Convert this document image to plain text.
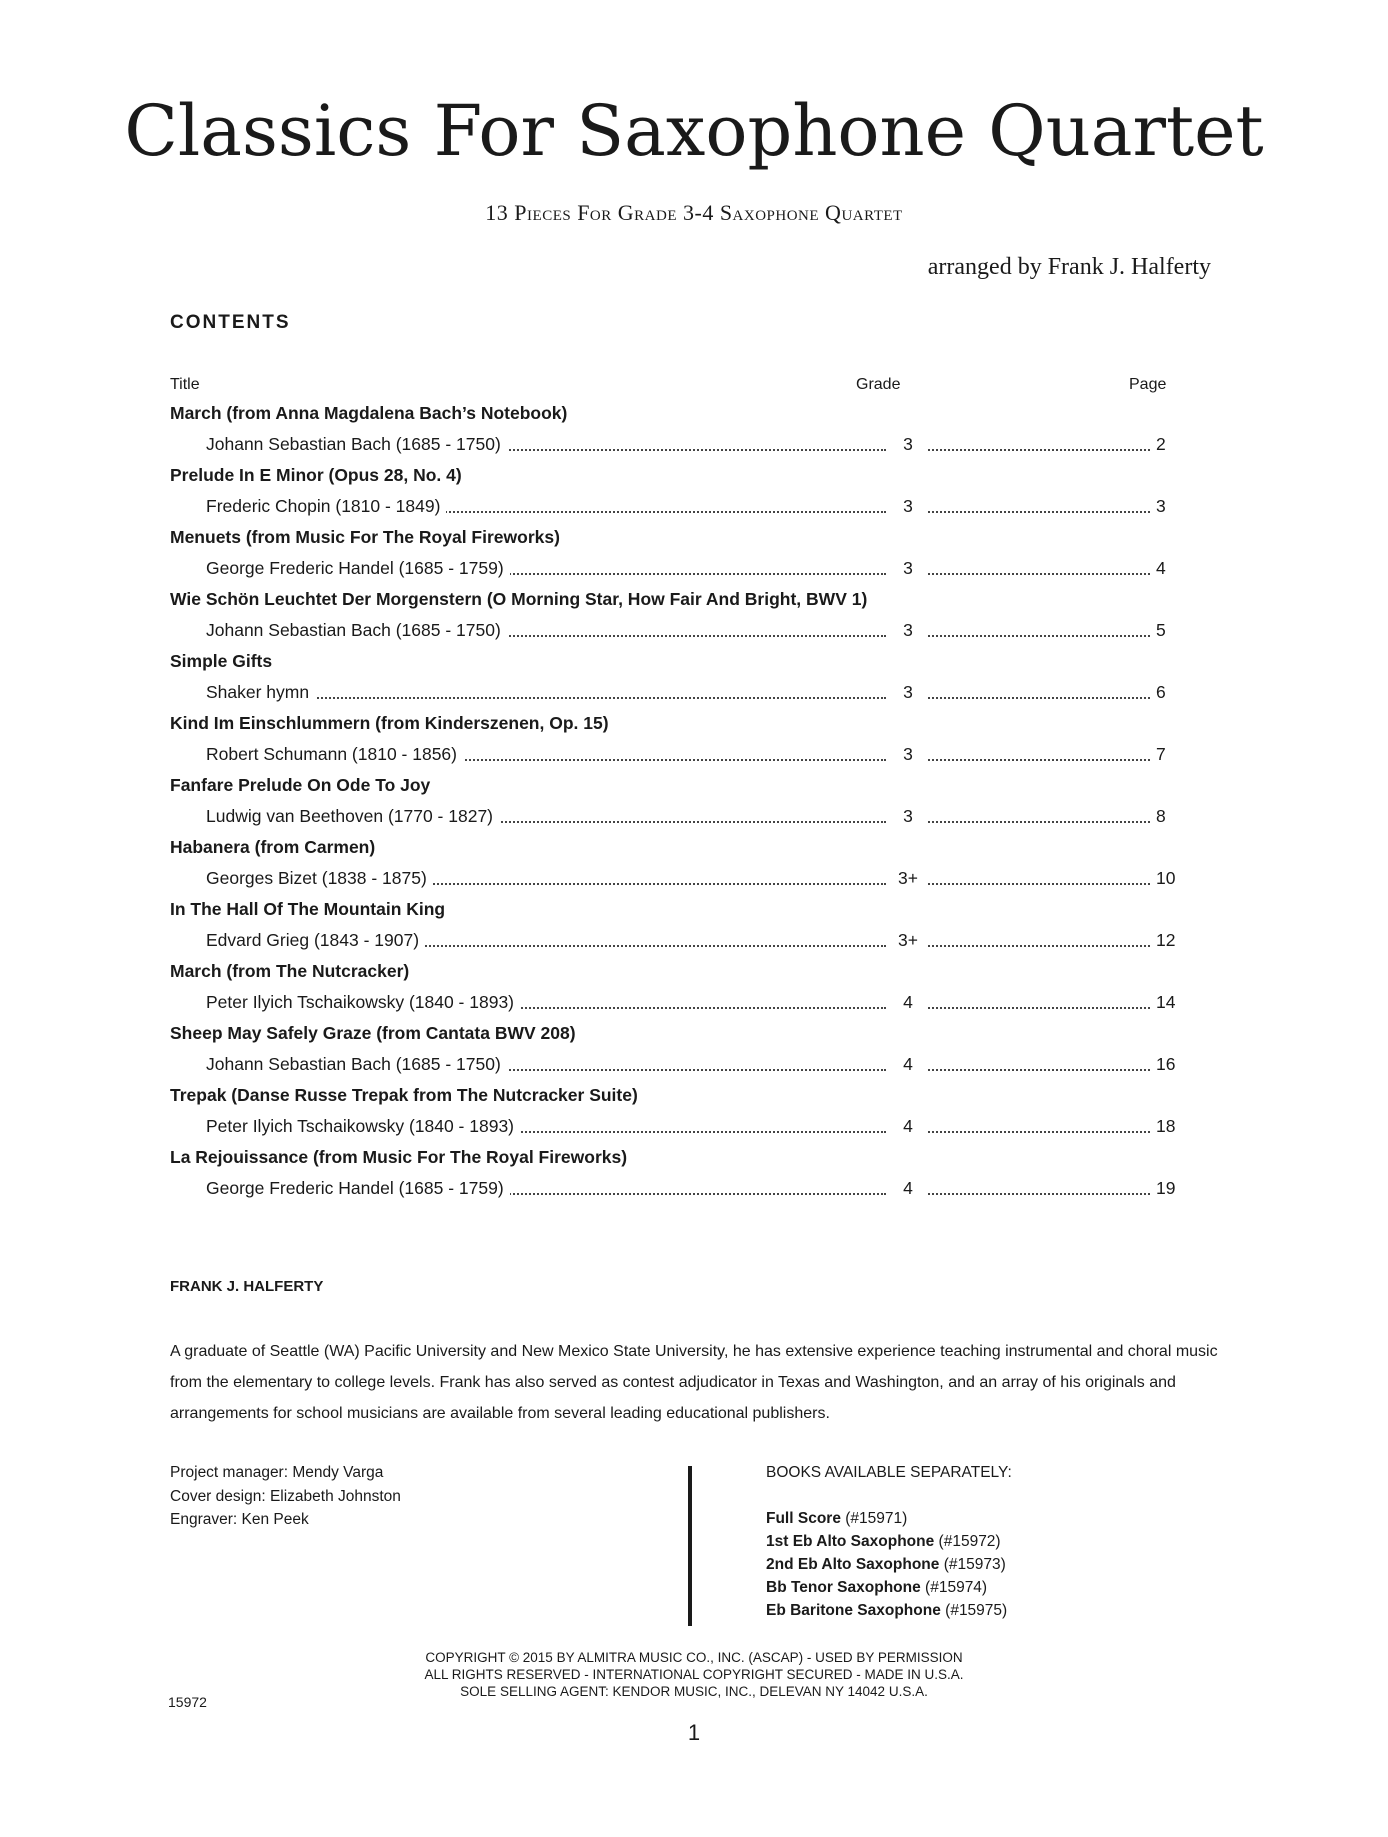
Classics For Saxophone Quartet
13 Pieces For Grade 3-4 Saxophone Quartet
arranged by Frank J. Halferty
CONTENTS
Title	Grade	Page
March (from Anna Magdalena Bach’s Notebook)
Johann Sebastian Bach (1685 - 1750)	3	2
Prelude In E Minor (Opus 28, No. 4)
Frederic Chopin (1810 - 1849)	3	3
Menuets (from Music For The Royal Fireworks)
George Frederic Handel (1685 - 1759)	3	4
Wie Schön Leuchtet Der Morgenstern (O Morning Star, How Fair And Bright, BWV 1)
Johann Sebastian Bach (1685 - 1750)	3	5
Simple Gifts
Shaker hymn	3	6
Kind Im Einschlummern (from Kinderszenen, Op. 15)
Robert Schumann (1810 - 1856)	3	7
Fanfare Prelude On Ode To Joy
Ludwig van Beethoven (1770 - 1827)	3	8
Habanera (from Carmen)
Georges Bizet (1838 - 1875)	3+	10
In The Hall Of The Mountain King
Edvard Grieg (1843 - 1907)	3+	12
March (from The Nutcracker)
Peter Ilyich Tschaikowsky (1840 - 1893)	4	14
Sheep May Safely Graze (from Cantata BWV 208)
Johann Sebastian Bach (1685 - 1750)	4	16
Trepak (Danse Russe Trepak from The Nutcracker Suite)
Peter Ilyich Tschaikowsky (1840 - 1893)	4	18
La Rejouissance (from Music For The Royal Fireworks)
George Frederic Handel (1685 - 1759)	4	19
FRANK J. HALFERTY
A graduate of Seattle (WA) Pacific University and New Mexico State University, he has extensive experience teaching instrumental and choral music from the elementary to college levels. Frank has also served as contest adjudicator in Texas and Washington, and an array of his originals and arrangements for school musicians are available from several leading educational publishers.
Project manager: Mendy Varga
Cover design: Elizabeth Johnston
Engraver: Ken Peek
BOOKS AVAILABLE SEPARATELY:
Full Score (#15971)
1st Eb Alto Saxophone (#15972)
2nd Eb Alto Saxophone (#15973)
Bb Tenor Saxophone (#15974)
Eb Baritone Saxophone (#15975)
COPYRIGHT © 2015 BY ALMITRA MUSIC CO., INC. (ASCAP) - USED BY PERMISSION
ALL RIGHTS RESERVED - INTERNATIONAL COPYRIGHT SECURED - MADE IN U.S.A.
SOLE SELLING AGENT: KENDOR MUSIC, INC., DELEVAN NY 14042 U.S.A.
15972
1
